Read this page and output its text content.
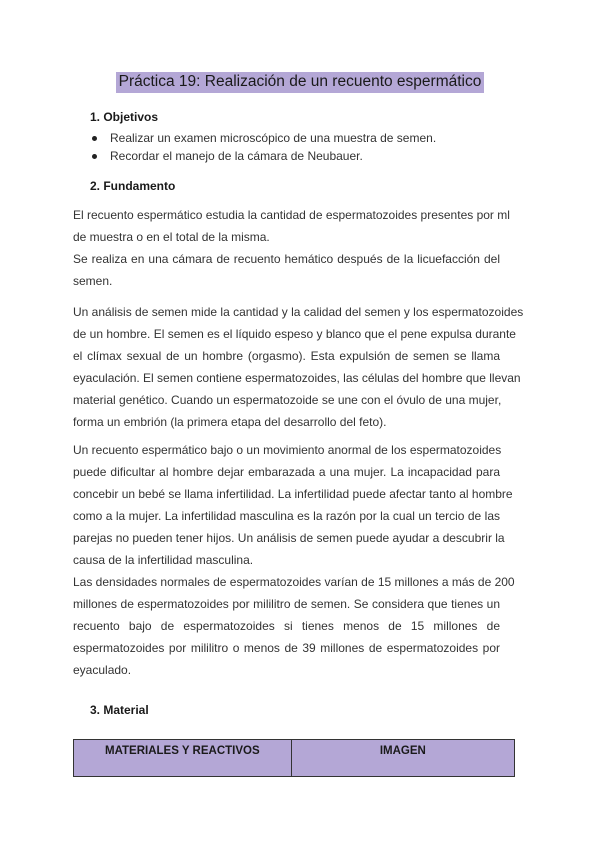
Práctica 19: Realización de un recuento espermático
1. Objetivos
Realizar un examen microscópico de una muestra de semen.
Recordar el manejo de la cámara de Neubauer.
2. Fundamento
El recuento espermático estudia la cantidad de espermatozoides presentes por ml
de muestra o en el total de la misma.
Se realiza en una cámara de recuento hemático después de la licuefacción del
semen.
Un análisis de semen mide la cantidad y la calidad del semen y los espermatozoides
de un hombre. El semen es el líquido espeso y blanco que el pene expulsa durante
el clímax sexual de un hombre (orgasmo). Esta expulsión de semen se llama
eyaculación. El semen contiene espermatozoides, las células del hombre que llevan
material genético. Cuando un espermatozoide se une con el óvulo de una mujer,
forma un embrión (la primera etapa del desarrollo del feto).
Un recuento espermático bajo o un movimiento anormal de los espermatozoides
puede dificultar al hombre dejar embarazada a una mujer. La incapacidad para
concebir un bebé se llama infertilidad. La infertilidad puede afectar tanto al hombre
como a la mujer. La infertilidad masculina es la razón por la cual un tercio de las
parejas no pueden tener hijos. Un análisis de semen puede ayudar a descubrir la
causa de la infertilidad masculina.
Las densidades normales de espermatozoides varían de 15 millones a más de 200
millones de espermatozoides por mililitro de semen. Se considera que tienes un
recuento bajo de espermatozoides si tienes menos de 15 millones de
espermatozoides por mililitro o menos de 39 millones de espermatozoides por
eyaculado.
3. Material
MATERIALES Y REACTIVOS	IMAGEN
